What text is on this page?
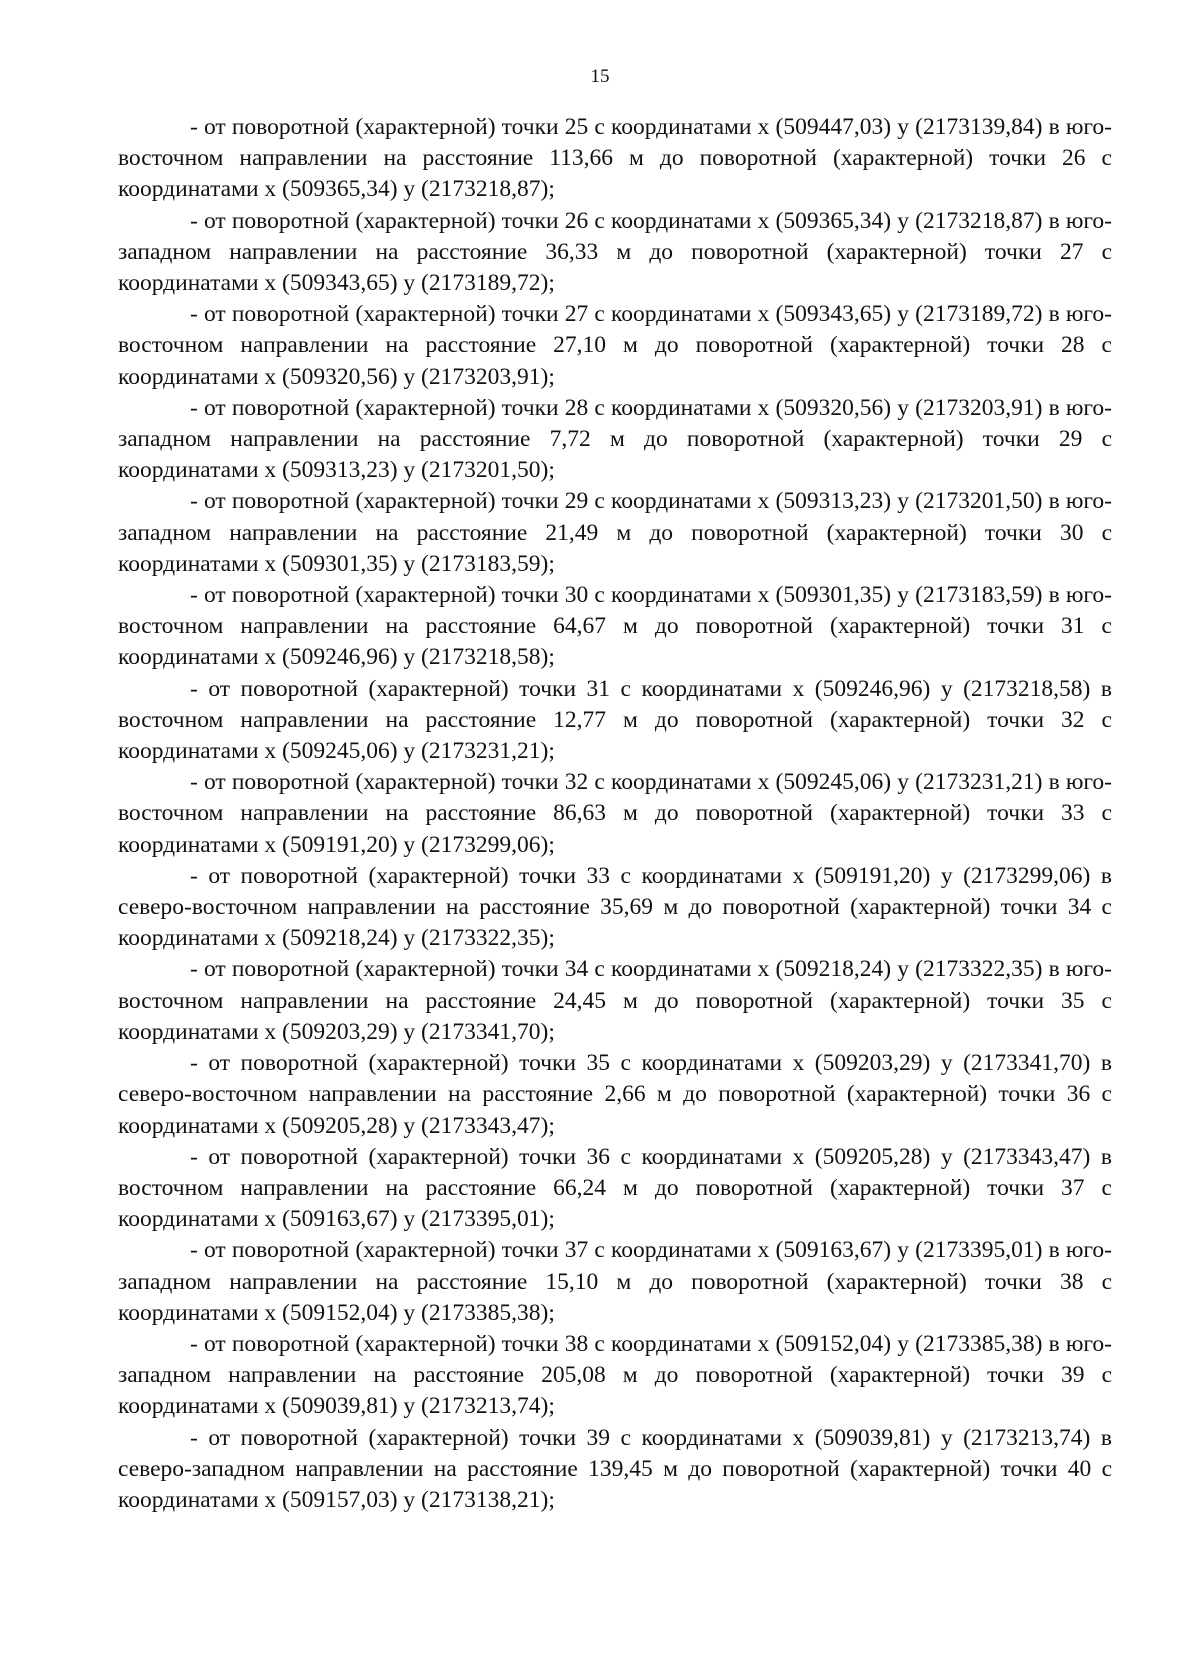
15

- от поворотной (характерной) точки 25 с координатами х (509447,03) у (2173139,84) в юго-восточном направлении на расстояние 113,66 м до поворотной (характерной) точки 26 с координатами х (509365,34) у (2173218,87);

- от поворотной (характерной) точки 26 с координатами х (509365,34) у (2173218,87) в юго-западном направлении на расстояние 36,33 м до поворотной (характерной) точки 27 с координатами х (509343,65) у (2173189,72);

- от поворотной (характерной) точки 27 с координатами х (509343,65) у (2173189,72) в юго-восточном направлении на расстояние 27,10 м до поворотной (характерной) точки 28 с координатами х (509320,56) у (2173203,91);

- от поворотной (характерной) точки 28 с координатами х (509320,56) у (2173203,91) в юго-западном направлении на расстояние 7,72 м до поворотной (характерной) точки 29 с координатами х (509313,23) у (2173201,50);

- от поворотной (характерной) точки 29 с координатами х (509313,23) у (2173201,50) в юго-западном направлении на расстояние 21,49 м до поворотной (характерной) точки 30 с координатами х (509301,35) у (2173183,59);

- от поворотной (характерной) точки 30 с координатами х (509301,35) у (2173183,59) в юго-восточном направлении на расстояние 64,67 м до поворотной (характерной) точки 31 с координатами х (509246,96) у (2173218,58);

- от поворотной (характерной) точки 31 с координатами х (509246,96) у (2173218,58) в восточном направлении на расстояние 12,77 м до поворотной (характерной) точки 32 с координатами х (509245,06) у (2173231,21);

- от поворотной (характерной) точки 32 с координатами х (509245,06) у (2173231,21) в юго-восточном направлении на расстояние 86,63 м до поворотной (характерной) точки 33 с координатами х (509191,20) у (2173299,06);

- от поворотной (характерной) точки 33 с координатами х (509191,20) у (2173299,06) в северо-восточном направлении на расстояние 35,69 м до поворотной (характерной) точки 34 с координатами х (509218,24) у (2173322,35);

- от поворотной (характерной) точки 34 с координатами х (509218,24) у (2173322,35) в юго-восточном направлении на расстояние 24,45 м до поворотной (характерной) точки 35 с координатами х (509203,29) у (2173341,70);

- от поворотной (характерной) точки 35 с координатами х (509203,29) у (2173341,70) в северо-восточном направлении на расстояние 2,66 м до поворотной (характерной) точки 36 с координатами х (509205,28) у (2173343,47);

- от поворотной (характерной) точки 36 с координатами х (509205,28) у (2173343,47) в восточном направлении на расстояние 66,24 м до поворотной (характерной) точки 37 с координатами х (509163,67) у (2173395,01);

- от поворотной (характерной) точки 37 с координатами х (509163,67) у (2173395,01) в юго-западном направлении на расстояние 15,10 м до поворотной (характерной) точки 38 с координатами х (509152,04) у (2173385,38);

- от поворотной (характерной) точки 38 с координатами х (509152,04) у (2173385,38) в юго-западном направлении на расстояние 205,08 м до поворотной (характерной) точки 39 с координатами х (509039,81) у (2173213,74);

- от поворотной (характерной) точки 39 с координатами х (509039,81) у (2173213,74) в северо-западном направлении на расстояние 139,45 м до поворотной (характерной) точки 40 с координатами х (509157,03) у (2173138,21);
